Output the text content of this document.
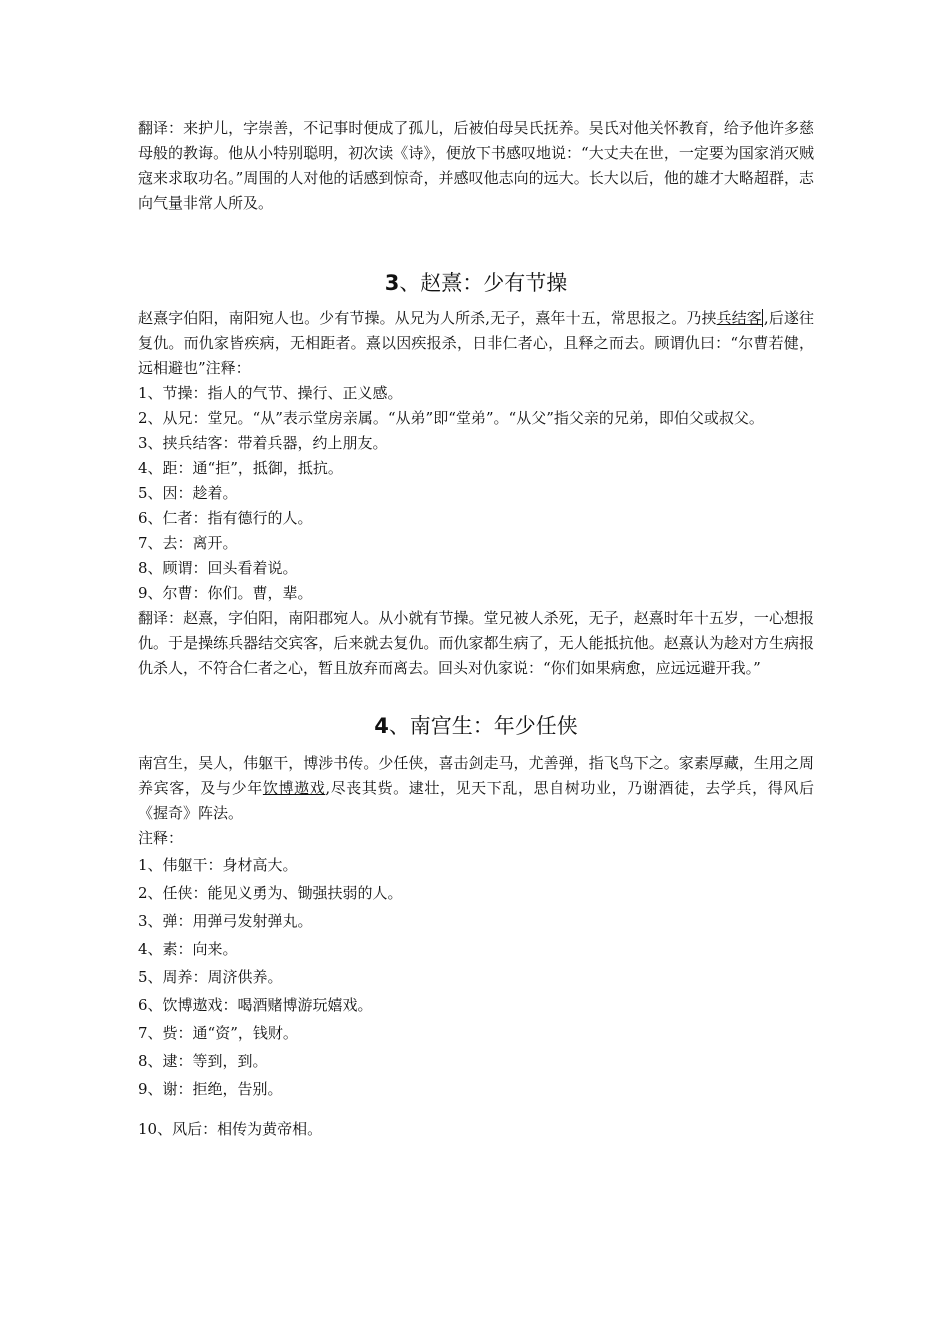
翻译：来护儿，字崇善，不记事时便成了孤儿，后被伯母吴氏抚养。吴氏对他关怀教育，给予他许多慈母般的教诲。他从小特别聪明，初次读《诗》，便放下书感叹地说：“大丈夫在世，一定要为国家消灭贼寇来求取功名。”周围的人对他的话感到惊奇，并感叹他志向的远大。长大以后，他的雄才大略超群，志向气量非常人所及。

3、赵熹：少有节操

赵熹字伯阳，南阳宛人也。少有节操。从兄为人所杀,无子，熹年十五，常思报之。乃挟兵结客 ,后遂往复仇。而仇家皆疾病，无相距者。熹以因疾报杀，日非仁者心，且释之而去。顾谓仇曰：“尔曹若健，远相避也”注释：

1、节操：指人的气节、操行、正义感。

2、从兄：堂兄。“从”表示堂房亲属。“从弟”即“堂弟”。“从父”指父亲的兄弟，即伯父或叔父。

3、挟兵结客：带着兵器，约上朋友。

4、距：通“拒”，抵御，抵抗。

5、因：趁着。

6、仁者：指有德行的人。

7、去：离开。

8、顾谓：回头看着说。

9、尔曹：你们。曹，辈。

翻译：赵熹，字伯阳，南阳郡宛人。从小就有节操。堂兄被人杀死，无子，赵熹时年十五岁，一心想报仇。于是操练兵器结交宾客，后来就去复仇。而仇家都生病了，无人能抵抗他。赵熹认为趁对方生病报仇杀人，不符合仁者之心，暂且放弃而离去。回头对仇家说：“你们如果病愈，应远远避开我。”

4、南宫生：年少任侠

南宫生，吴人，伟躯干，博涉书传。少任侠，喜击剑走马，尤善弹，指飞鸟下之。家素厚藏，生用之周养宾客，及与少年饮博遨戏,尽丧其赀。逮壮，见天下乱，思自树功业，乃谢酒徒，去学兵，得风后《握奇》阵法。

注释：

1、伟躯干：身材高大。

2、任侠：能见义勇为、锄强扶弱的人。

3、弹：用弹弓发射弹丸。

4、素：向来。

5、周养：周济供养。

6、饮博遨戏：喝酒赌博游玩嬉戏。

7、赀：通“资”，钱财。

8、逮：等到，到。

9、谢：拒绝，告别。

10、风后：相传为黄帝相。
